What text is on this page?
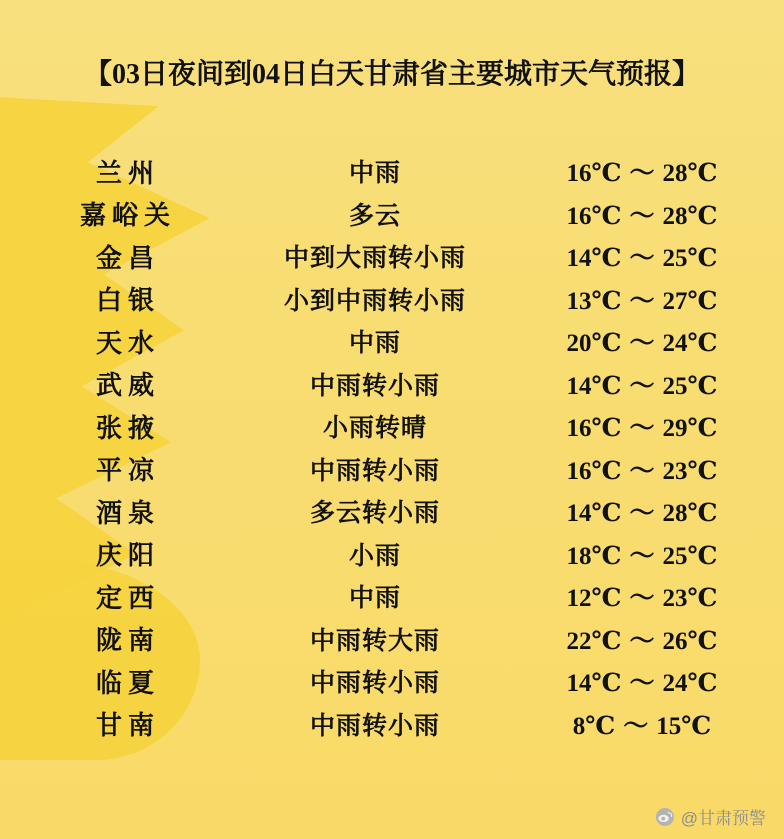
【03日夜间到04日白天甘肃省主要城市天气预报】
兰州	中雨	16℃ ～ 28℃
嘉峪关	多云	16℃ ～ 28℃
金昌	中到大雨转小雨	14℃ ～ 25℃
白银	小到中雨转小雨	13℃ ～ 27℃
天水	中雨	20℃ ～ 24℃
武威	中雨转小雨	14℃ ～ 25℃
张掖	小雨转晴	16℃ ～ 29℃
平凉	中雨转小雨	16℃ ～ 23℃
酒泉	多云转小雨	14℃ ～ 28℃
庆阳	小雨	18℃ ～ 25℃
定西	中雨	12℃ ～ 23℃
陇南	中雨转大雨	22℃ ～ 26℃
临夏	中雨转小雨	14℃ ～ 24℃
甘南	中雨转小雨	8℃ ～ 15℃
@甘肃预警
